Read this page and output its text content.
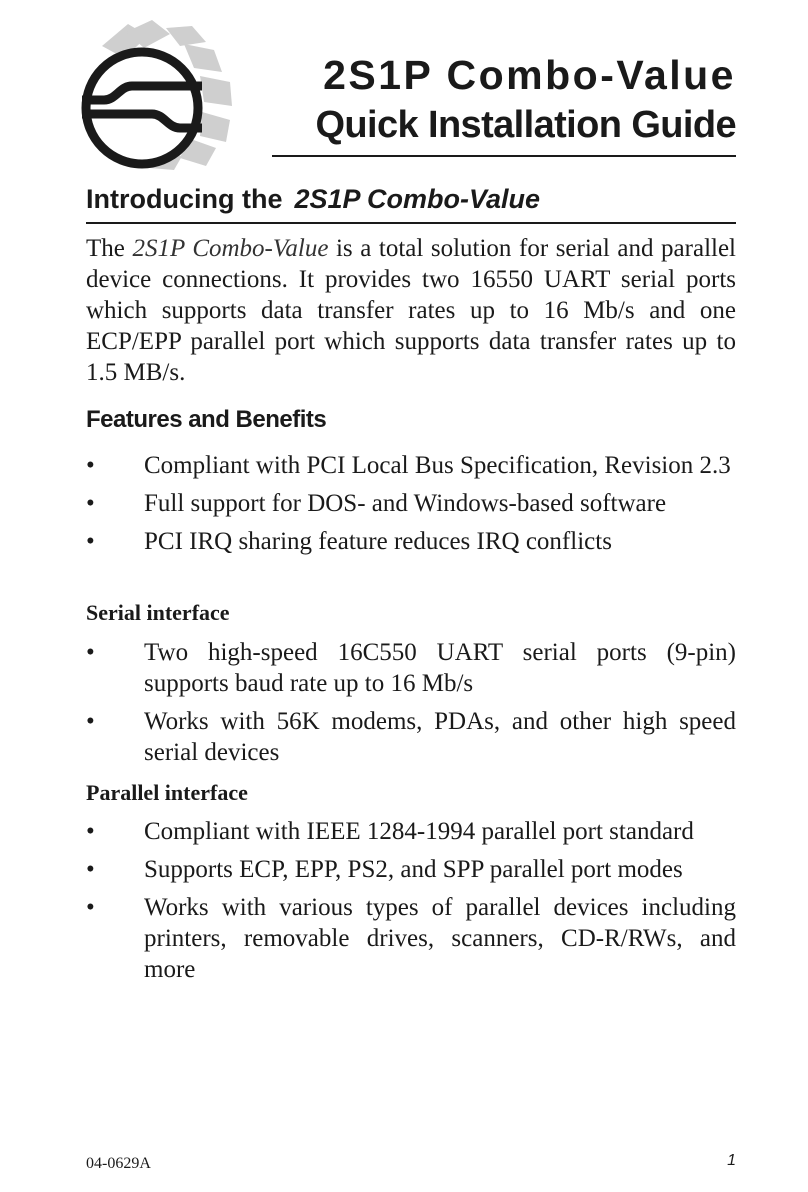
2S1P Combo-Value
Quick Installation Guide
Introducing the 2S1P Combo-Value

The 2S1P Combo-Value is a total solution for serial and parallel device connections. It provides two 16550 UART serial ports which supports data transfer rates up to 16 Mb/s and one ECP/EPP parallel port which supports data transfer rates up to 1.5 MB/s.

Features and Benefits
• Compliant with PCI Local Bus Specification, Revision 2.3
• Full support for DOS- and Windows-based software
• PCI IRQ sharing feature reduces IRQ conflicts
Serial interface
• Two high-speed 16C550 UART serial ports (9-pin) supports baud rate up to 16 Mb/s
• Works with 56K modems, PDAs, and other high speed serial devices
Parallel interface
• Compliant with IEEE 1284-1994 parallel port standard
• Supports ECP, EPP, PS2, and SPP parallel port modes
• Works with various types of parallel devices including printers, removable drives, scanners, CD-R/RWs, and more

04-0629A	1
